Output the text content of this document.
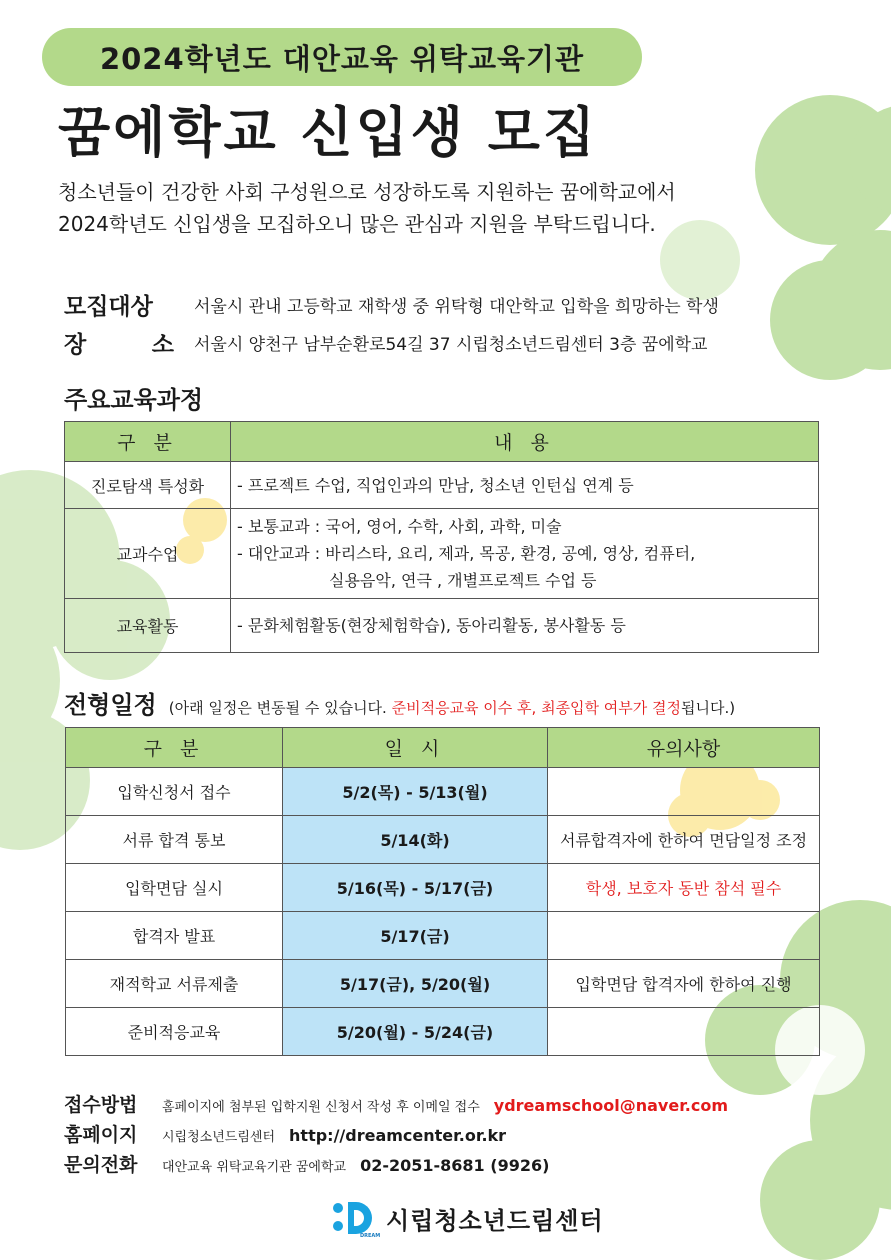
2024학년도 대안교육 위탁교육기관
꿈에학교 신입생 모집
청소년들이 건강한 사회 구성원으로 성장하도록 지원하는 꿈에학교에서
2024학년도 신입생을 모집하오니 많은 관심과 지원을 부탁드립니다.
모집대상	서울시 관내 고등학교 재학생 중 위탁형 대안학교 입학을 희망하는 학생
장	소 서울시 양천구 남부순환로54길 37 시립청소년드림센터 3층 꿈에학교
주요교육과정
구 분	내 용
진로탐색 특성화	- 프로젝트 수업, 직업인과의 만남, 청소년 인턴십 연계 등

교과수업	- 보통교과 : 국어, 영어, 수학, 사회, 과학, 미술
- 대안교과 : 바리스타, 요리, 제과, 목공, 환경, 공예, 영상, 컴퓨터,
실용음악, 연극 , 개별프로젝트 수업 등

교육활동	- 문화체험활동(현장체험학습), 동아리활동, 봉사활동 등
전형일정 (아래 일정은 변동될 수 있습니다. 준비적응교육 이수 후, 최종입학 여부가 결정됩니다.)
구 분	일 시	유의사항
입학신청서 접수	5/2(목) - 5/13(월)	
서류 합격 통보	5/14(화)	서류합격자에 한하여 면담일정 조정
입학면담 실시	5/16(목) - 5/17(금)	학생, 보호자 동반 참석 필수
합격자 발표	5/17(금)	
재적학교 서류제출	5/17(금), 5/20(월)	입학면담 합격자에 한하여 진행
준비적응교육	5/20(월) - 5/24(금)	
접수방법	홈페이지에 첨부된 입학지원 신청서 작성 후 이메일 접수 ydreamschool@naver.com
홈페이지	시립청소년드림센터 http://dreamcenter.or.kr
문의전화	대안교육 위탁교육기관 꿈에학교 02-2051-8681 (9926)
DREAM
시립청소년드림센터
